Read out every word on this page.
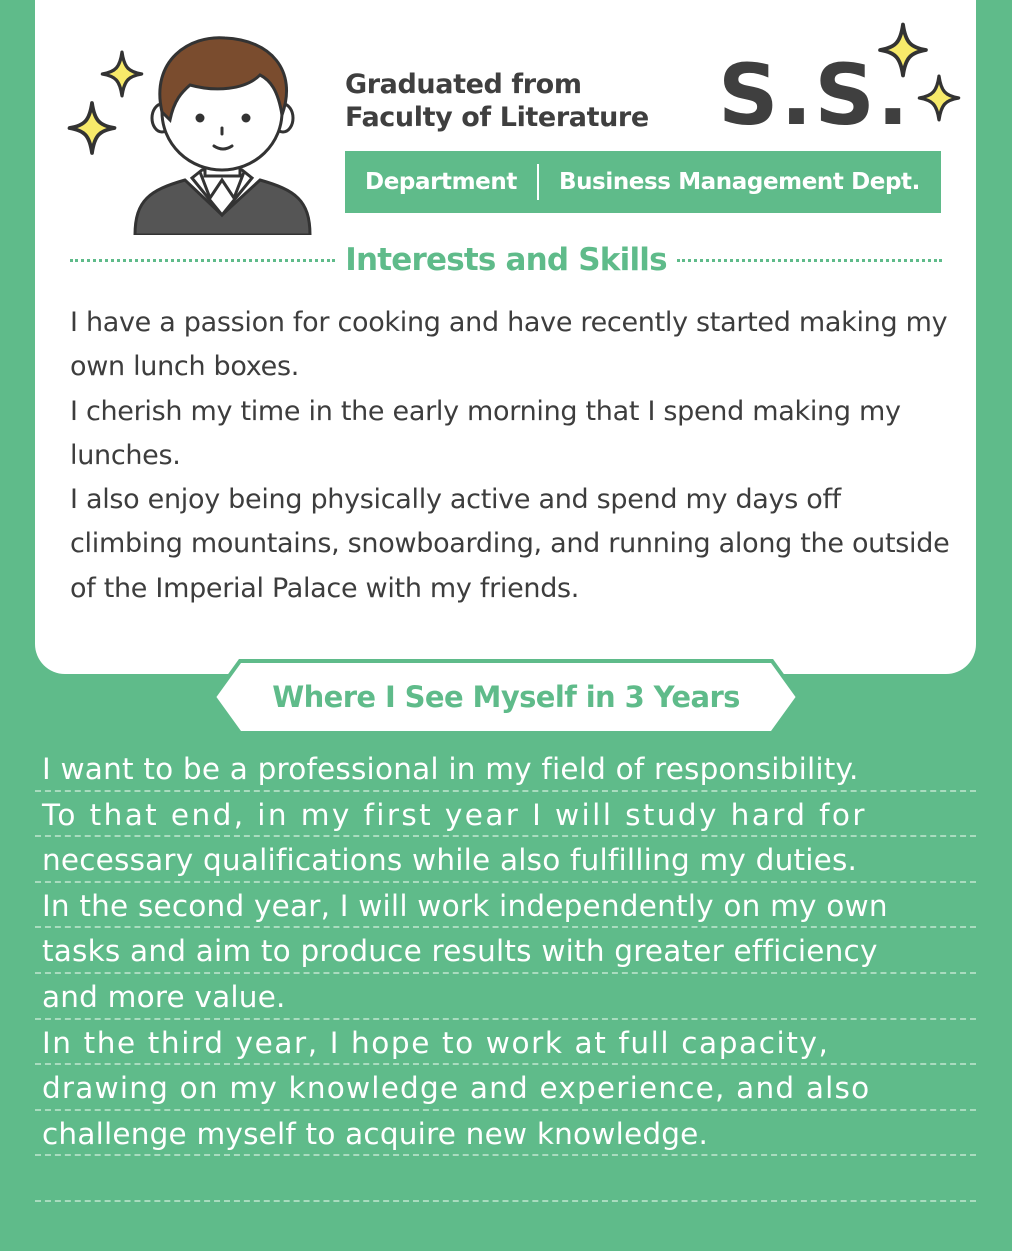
Graduated from
Faculty of Literature S.S.
Department Business Management Dept.
Interests and Skills

I have a passion for cooking and have recently started making my own lunch boxes.

I cherish my time in the early morning that I spend making my lunches.

I also enjoy being physically active and spend my days off climbing mountains, snowboarding, and running along the outside of the Imperial Palace with my friends.

Where I See Myself in 3 Years
I want to be a professional in my field of responsibility.
To that end, in my first year I will study hard for
necessary qualifications while also fulfilling my duties.
In the second year, I will work independently on my own
tasks and aim to produce results with greater efficiency
and more value.
In the third year, I hope to work at full capacity,
drawing on my knowledge and experience, and also
challenge myself to acquire new knowledge.
